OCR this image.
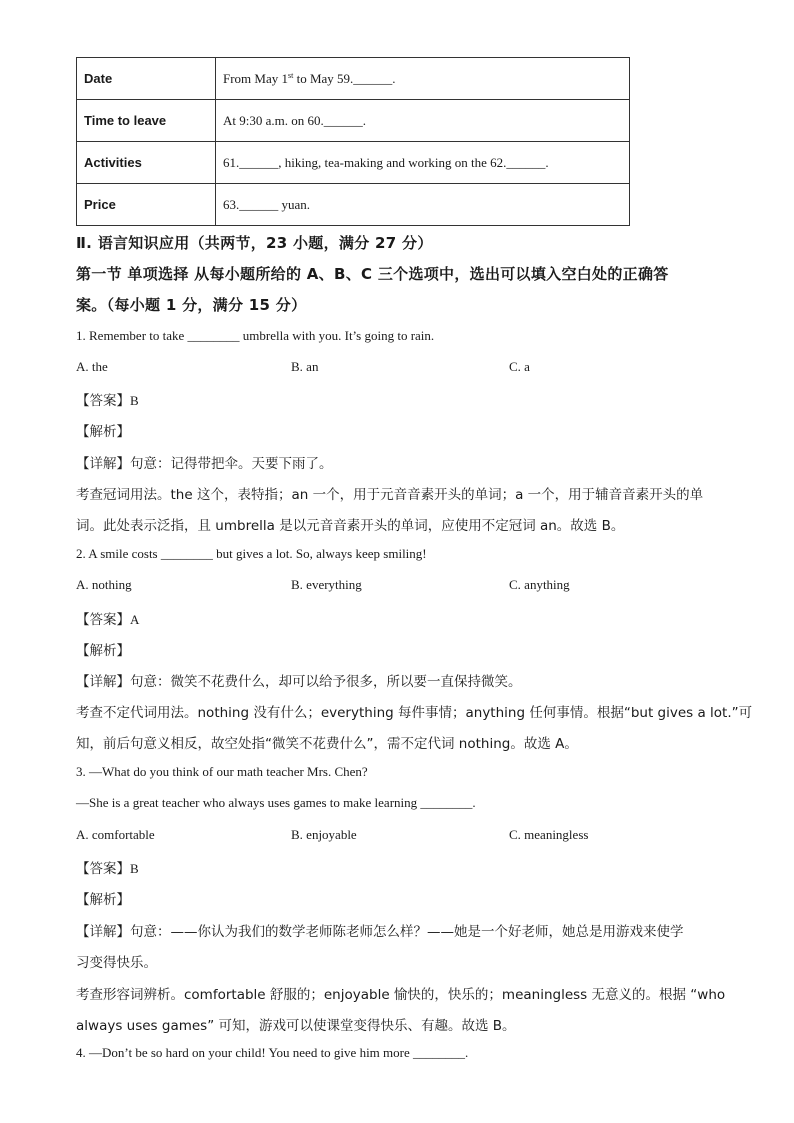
Date	From May 1st to May 59.______.
Time to leave	At 9:30 a.m. on 60.______.
Activities	61.______, hiking, tea-making and working on the 62.______.
Price	63.______ yuan.
Ⅱ. 语言知识应用（共两节，23 小题，满分 27 分）
第一节 单项选择 从每小题所给的 A、B、C 三个选项中，选出可以填入空白处的正确答
案。（每小题 1 分，满分 15 分）
1. Remember to take ________ umbrella with you. It’s going to rain.
A. the	B. an	C. a
【答案】B
【解析】
【详解】句意：记得带把伞。天要下雨了。
考查冠词用法。the 这个，表特指；an 一个，用于元音音素开头的单词；a 一个，用于辅音音素开头的单
词。此处表示泛指，且 umbrella 是以元音音素开头的单词，应使用不定冠词 an。故选 B。
2. A smile costs ________ but gives a lot. So, always keep smiling!
A. nothing	B. everything	C. anything
【答案】A
【解析】
【详解】句意：微笑不花费什么，却可以给予很多，所以要一直保持微笑。
考查不定代词用法。nothing 没有什么；everything 每件事情；anything 任何事情。根据“but gives a lot.”可
知，前后句意义相反，故空处指“微笑不花费什么”，需不定代词 nothing。故选 A。
3. —What do you think of our math teacher Mrs. Chen?
—She is a great teacher who always uses games to make learning ________.
A. comfortable	B. enjoyable	C. meaningless
【答案】B
【解析】
【详解】句意：——你认为我们的数学老师陈老师怎么样？——她是一个好老师，她总是用游戏来使学
习变得快乐。
考查形容词辨析。comfortable 舒服的；enjoyable 愉快的，快乐的；meaningless 无意义的。根据 “who
always uses games” 可知，游戏可以使课堂变得快乐、有趣。故选 B。
4. —Don’t be so hard on your child! You need to give him more ________.
